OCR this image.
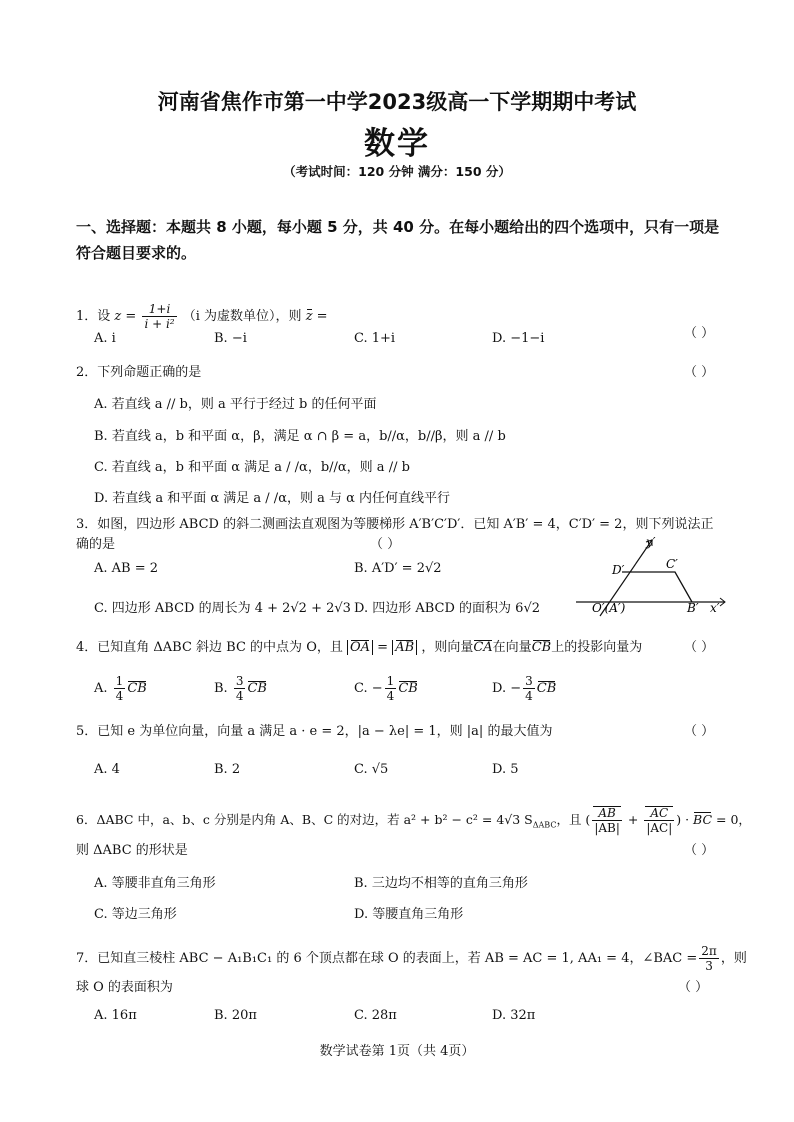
河南省焦作市第一中学2023级高一下学期期中考试
数学
（考试时间：120 分钟 满分：150 分）
一、选择题：本题共 8 小题，每小题 5 分，共 40 分。在每小题给出的四个选项中，只有一项是符合题目要求的。
1．设 $z = \frac{1+i}{\text{i + i²}} (i$ 为虚数单位），则 z =
（ ）
A. i	B. −i	C. 1+i	D. −1−i
2．下列命题正确的是	（ ）
A. 若直线 a // b，则 a 平行于经过 b 的任何平面
B. 若直线 a，b 和平面 α，β，满足 α ∩ β = a，b//α，b//β，则 a // b
C. 若直线 a，b 和平面 α 满足 a / /α，b//α，则 a // b
D. 若直线 a 和平面 α 满足 a / /α，则 a 与 α 内任何直线平行
3．如图，四边形 ABCD 的斜二测画法直观图为等腰梯形 A′B′C′D′．已知 A′B′ = 4，C′D′ = 2，则下列说法正
确的是	（ ）
A. AB = 2	B. A′D′ = 2√2
C. 四边形 ABCD 的周长为 4 + 2√2 + 2√3 D. 四边形 ABCD 的面积为 6√2
y′
x′
D′	C′
O′(A′)	B′
4．已知直角 ΔABC 斜边 BC 的中点为 O，且 OA = AB ，则向量CA在向量CB上的投影向量为	（ ）
A. $\frac{1}{4}$ CB	B. $\frac{3}{4}$ CB	C. − $\frac{1}{4}$ CB	D. − $\frac{3}{4}$ CB
5．已知 e 为单位向量，向量 a 满足 a · e = 2，|a − λe| = 1，则 |a| 的最大值为	（ ）
A. 4	B. 2	C. √5	D. 5
6．ΔABC 中，a、b、c 分别是内角 A、B、C 的对边，若 a² + b² − c² = 4√3 $S_{\Delta ABC}$，且 ( $\frac{AB}{|AB|} + \frac{AC}{|AC|}$ ) · BC = 0，
则 ΔABC 的形状是	（ ）
A. 等腰非直角三角形	B. 三边均不相等的直角三角形
C. 等边三角形	D. 等腰直角三角形
7．已知直三棱柱 ABC − A₁B₁C₁ 的 6 个顶点都在球 O 的表面上，若 AB = AC = 1, AA₁ = 4，∠BAC = $\frac{2\pi}{3}$ ，则
球 O 的表面积为	（ ）
A. 16π	B. 20π	C. 28π	D. 32π
数学试卷第 1页（共 4页）
